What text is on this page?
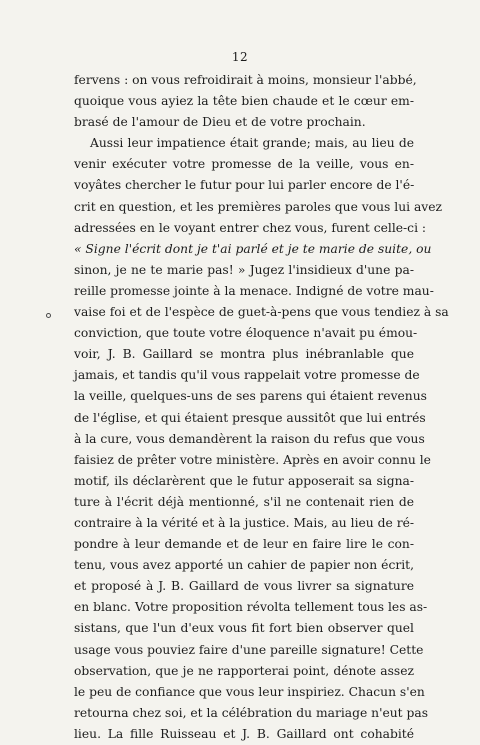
12
fervens : on vous refroidirait à moins, monsieur l'abbé,
quoique vous ayiez la tête bien chaude et le cœur em-
brasé de l'amour de Dieu et de votre prochain.
Aussi leur impatience était grande; mais, au lieu de
venir exécuter votre promesse de la veille, vous en-
voyâtes chercher le futur pour lui parler encore de l'é-
crit en question, et les premières paroles que vous lui avez
adressées en le voyant entrer chez vous, furent celle-ci :
« Signe l'écrit dont je t'ai parlé et je te marie de suite, ou
sinon, je ne te marie pas! » Jugez l'insidieux d'une pa-
reille promesse jointe à la menace. Indigné de votre mau-
vaise foi et de l'espèce de guet-à-pens que vous tendiez à sa
conviction, que toute votre éloquence n'avait pu émou-
voir, J. B. Gaillard se montra plus inébranlable que
jamais, et tandis qu'il vous rappelait votre promesse de
la veille, quelques-uns de ses parens qui étaient revenus
de l'église, et qui étaient presque aussitôt que lui entrés
à la cure, vous demandèrent la raison du refus que vous
faisiez de prêter votre ministère. Après en avoir connu le
motif, ils déclarèrent que le futur apposerait sa signa-
ture à l'écrit déjà mentionné, s'il ne contenait rien de
contraire à la vérité et à la justice. Mais, au lieu de ré-
pondre à leur demande et de leur en faire lire le con-
tenu, vous avez apporté un cahier de papier non écrit,
et proposé à J. B. Gaillard de vous livrer sa signature
en blanc. Votre proposition révolta tellement tous les as-
sistans, que l'un d'eux vous fit fort bien observer quel
usage vous pouviez faire d'une pareille signature! Cette
observation, que je ne rapporterai point, dénote assez
le peu de confiance que vous leur inspiriez. Chacun s'en
retourna chez soi, et la célébration du mariage n'eut pas
lieu. La fille Ruisseau et J. B. Gaillard ont cohabité
